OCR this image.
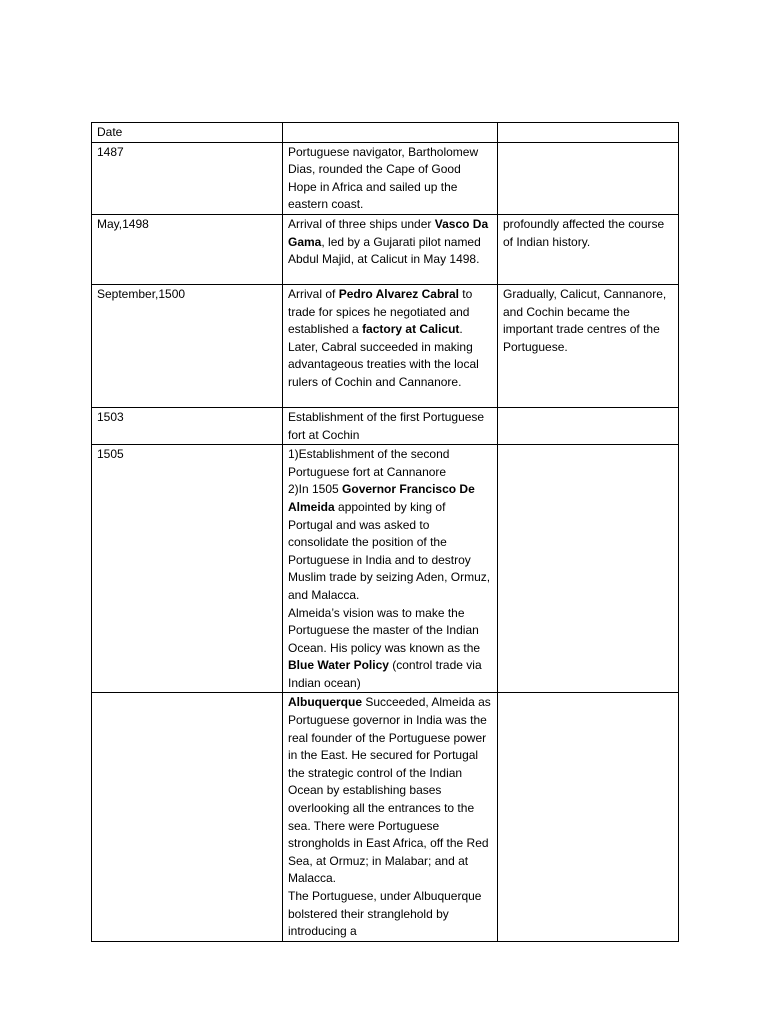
Date		
1487	Portuguese navigator, Bartholomew Dias, rounded the Cape of Good Hope in Africa and sailed up the eastern coast.	
May,1498	Arrival of three ships under Vasco Da Gama, led by a Gujarati pilot named Abdul Majid, at Calicut in May 1498.	profoundly affected the course of Indian history.
September,1500	Arrival of Pedro Alvarez Cabral to trade for spices he negotiated and established a factory at Calicut. Later, Cabral succeeded in making advantageous treaties with the local rulers of Cochin and Cannanore.	Gradually, Calicut, Cannanore, and Cochin became the important trade centres of the Portuguese.
1503	Establishment of the first Portuguese fort at Cochin	
1505	1)Establishment of the second Portuguese fort at Cannanore
2)In 1505 Governor Francisco De Almeida appointed by king of Portugal and was asked to consolidate the position of the Portuguese in India and to destroy Muslim trade by seizing Aden, Ormuz, and Malacca.
Almeida’s vision was to make the Portuguese the master of the Indian Ocean. His policy was known as the Blue Water Policy (control trade via Indian ocean)	
	Albuquerque Succeeded, Almeida as Portuguese governor in India was the real founder of the Portuguese power in the East. He secured for Portugal the strategic control of the Indian Ocean by establishing bases overlooking all the entrances to the sea. There were Portuguese strongholds in East Africa, off the Red Sea, at Ormuz; in Malabar; and at Malacca.
The Portuguese, under Albuquerque bolstered their stranglehold by introducing a	
